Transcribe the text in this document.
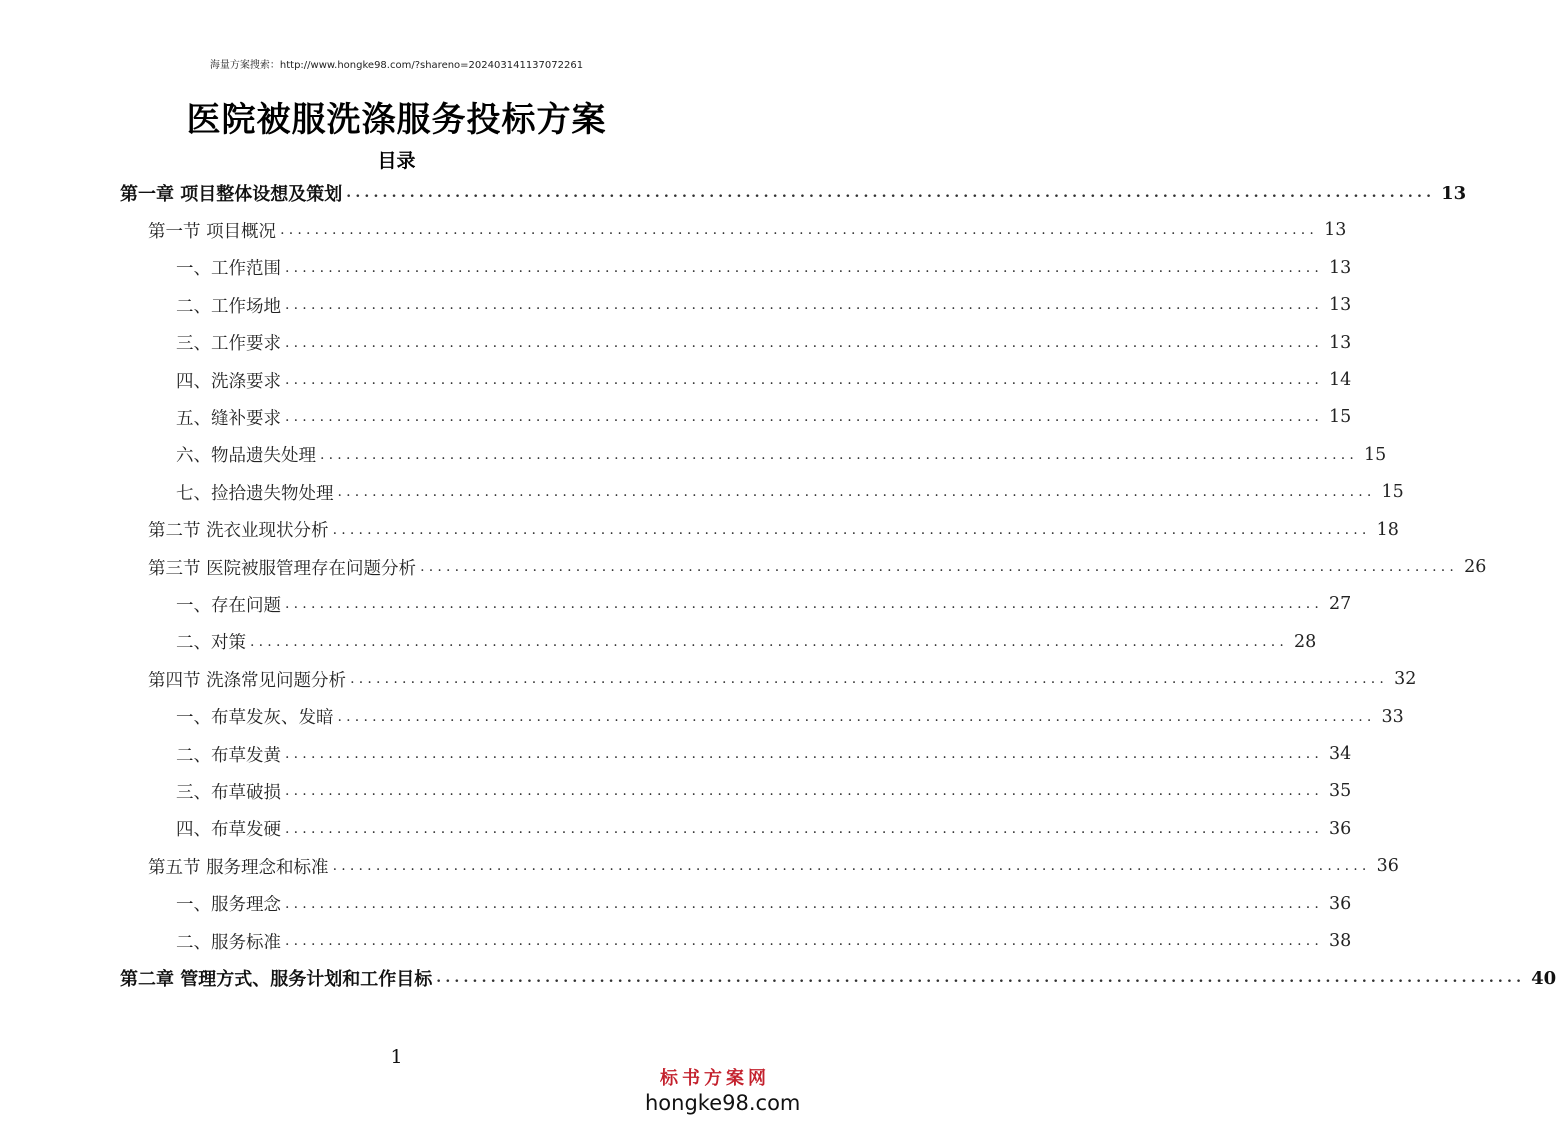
海量方案搜索：http://www.hongke98.com/?shareno=202403141137072261
医院被服洗涤服务投标方案
目录
第一章 项目整体设想及策划 ........................................................................................................................ 13
第一节 项目概况 ........................................................................................................................ 13
一、工作范围 ........................................................................................................................ 13
二、工作场地 ........................................................................................................................ 13
三、工作要求 ........................................................................................................................ 13
四、洗涤要求 ........................................................................................................................ 14
五、缝补要求 ........................................................................................................................ 15
六、物品遗失处理 ........................................................................................................................ 15
七、捡拾遗失物处理 ........................................................................................................................ 15
第二节 洗衣业现状分析 ........................................................................................................................ 18
第三节 医院被服管理存在问题分析 ........................................................................................................................ 26
一、存在问题 ........................................................................................................................ 27
二、对策 ........................................................................................................................ 28
第四节 洗涤常见问题分析 ........................................................................................................................ 32
一、布草发灰、发暗 ........................................................................................................................ 33
二、布草发黄 ........................................................................................................................ 34
三、布草破损 ........................................................................................................................ 35
四、布草发硬 ........................................................................................................................ 36
第五节 服务理念和标准 ........................................................................................................................ 36
一、服务理念 ........................................................................................................................ 36
二、服务标准 ........................................................................................................................ 38
第二章 管理方式、服务计划和工作目标 ........................................................................................................................ 40
1
标书方案网
hongke98.com
